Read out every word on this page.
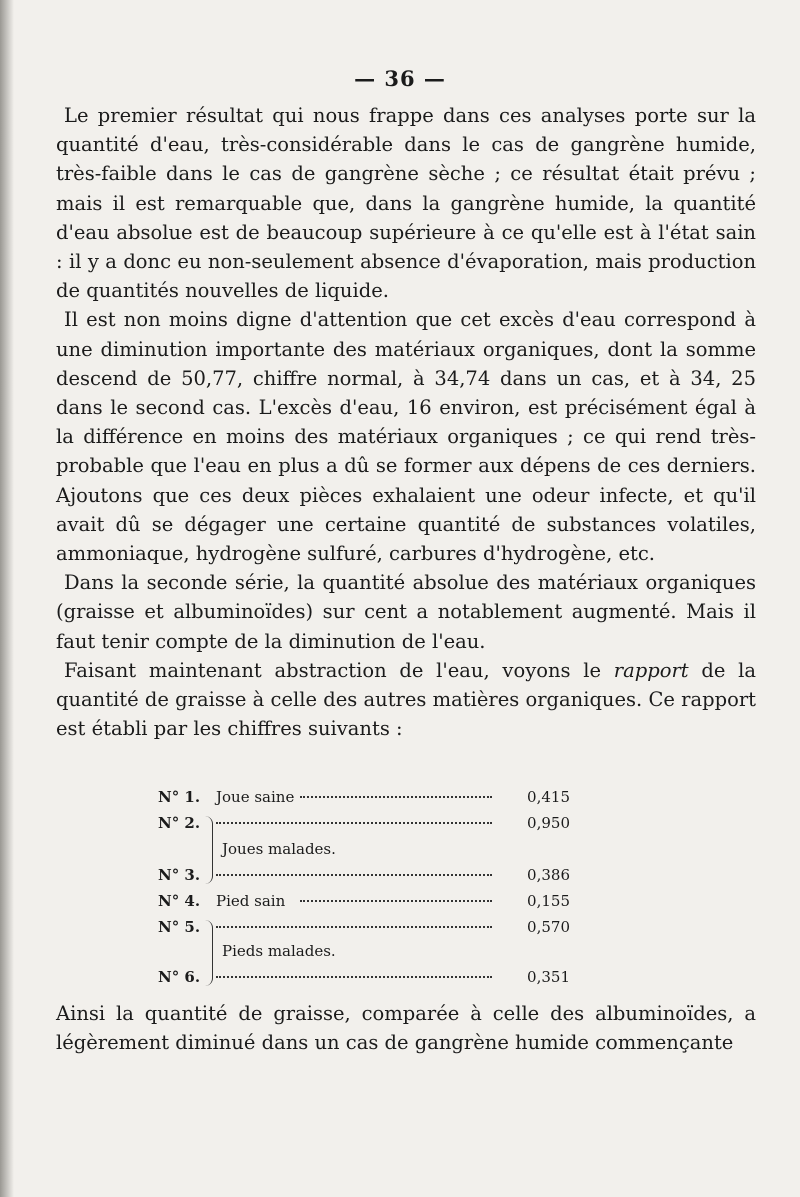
— 36 —

Le premier résultat qui nous frappe dans ces analyses porte sur la quantité d'eau, très-considérable dans le cas de gangrène humide, très-faible dans le cas de gangrène sèche ; ce résultat était prévu ; mais il est remarquable que, dans la gangrène humide, la quantité d'eau absolue est de beaucoup supérieure à ce qu'elle est à l'état sain : il y a donc eu non-seulement absence d'évaporation, mais production de quantités nouvelles de liquide.

Il est non moins digne d'attention que cet excès d'eau correspond à une diminution importante des matériaux organiques, dont la somme descend de 50,77, chiffre normal, à 34,74 dans un cas, et à 34, 25 dans le second cas. L'excès d'eau, 16 environ, est précisément égal à la différence en moins des matériaux organiques ; ce qui rend très-probable que l'eau en plus a dû se former aux dépens de ces derniers. Ajoutons que ces deux pièces exhalaient une odeur infecte, et qu'il avait dû se dégager une certaine quantité de substances volatiles, ammoniaque, hydrogène sulfuré, carbures d'hydrogène, etc.

Dans la seconde série, la quantité absolue des matériaux organiques (graisse et albuminoïdes) sur cent a notablement augmenté. Mais il faut tenir compte de la diminution de l'eau.

Faisant maintenant abstraction de l'eau, voyons le rapport de la quantité de graisse à celle des autres matières organiques. Ce rapport est établi par les chiffres suivants :

N° 1. Joue saine	0,415
N° 2.	0,950
Joues malades.
N° 3.	0,386
N° 4. Pied sain	0,155
N° 5.	0,570
Pieds malades.
N° 6.	0,351

Ainsi la quantité de graisse, comparée à celle des albuminoïdes, a légèrement diminué dans un cas de gangrène humide commençante
